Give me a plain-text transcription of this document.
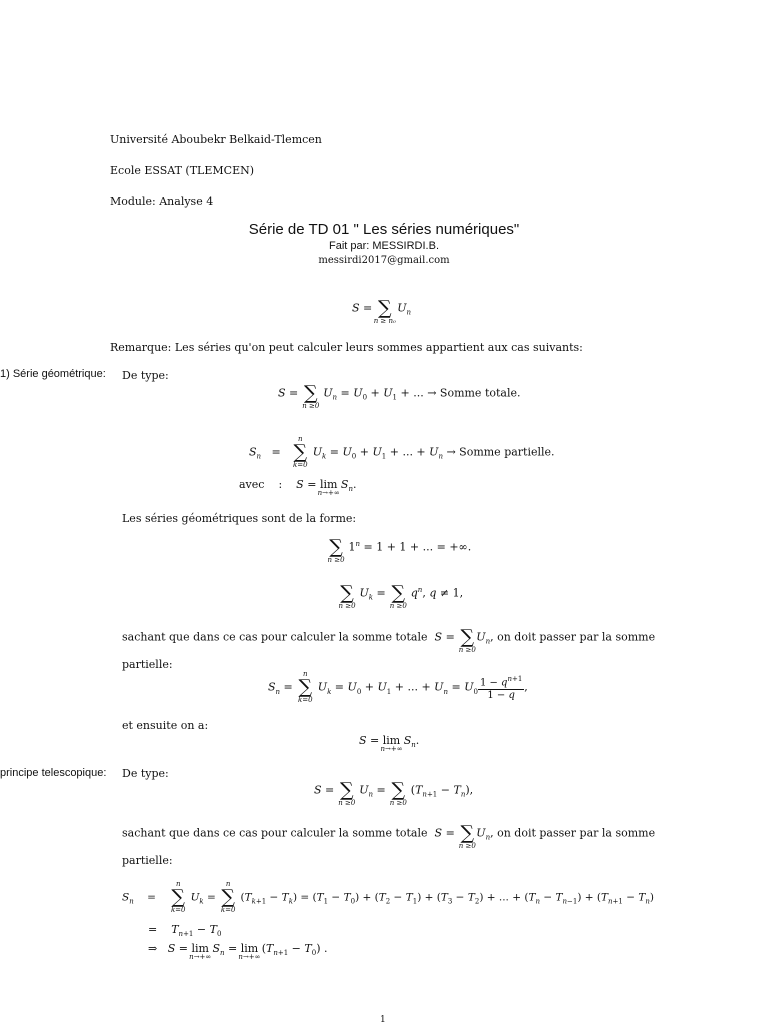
Université Aboubekr Belkaid-Tlemcen
Ecole ESSAT (TLEMCEN)
Module: Analyse 4
Série de TD 01 " Les séries numériques"
Fait par: MESSIRDI.B.
messirdi2017@gmail.com
S = ∑
n ≥ n₀
$U_n$
Remarque: Les séries qu'on peut calculer leurs sommes appartient aux cas suivants:
1) Série géométrique: De type:
S = ∑
n ≥0
$U_n = U_0 + U_1$ + ... → Somme totale.
$S_n$   =
n
∑
k=0
$U_k = U_0 + U_1$ + ... + $U_n$ → Somme partielle.
avec : S = lim
n→+∞
$S_n$.
Les séries géométriques sont de la forme:
∑
n ≥0
$1^n = 1 + 1$ + ... = +∞.
∑
n ≥0
$U_k$ = ∑
n ≥0
$q^n$, q ≠ 1,
sachant que dans ce cas pour calculer la somme totale S = ∑
n ≥0
$U_n$, on doit passer par la somme
partielle:
$S_n$ =
n
∑
k=0
$U_k = U_0 + U_1$ + ... + $U_n = U_0 \frac{1 - q^{n+1}}{1 - q}$ ,
et ensuite on a:
S = lim
n→+∞
$S_n$.
principe telescopique: De type:
S = ∑
n ≥0
$U_n$ = ∑
n ≥0
$(T_{n+1} - T_n)$,
sachant que dans ce cas pour calculer la somme totale S = ∑
n ≥0
$U_n$, on doit passer par la somme
partielle:
$S_n$    =
n
∑
k=0
$U_k$ =
n
∑
k=0
$(T_{k+1} - T_k) = (T_1 - T_0) + (T_2 - T_1) + (T_3 - T_2)$ + ... + $(T_n - T_{n-1}) + (T_{n+1} - T_n)$
=    $T_{n+1} - T_0$
⇒   S = lim
n→+∞
$S_n = \lim$
n→+∞
$(T_{n+1} - T_0)$ .
1
